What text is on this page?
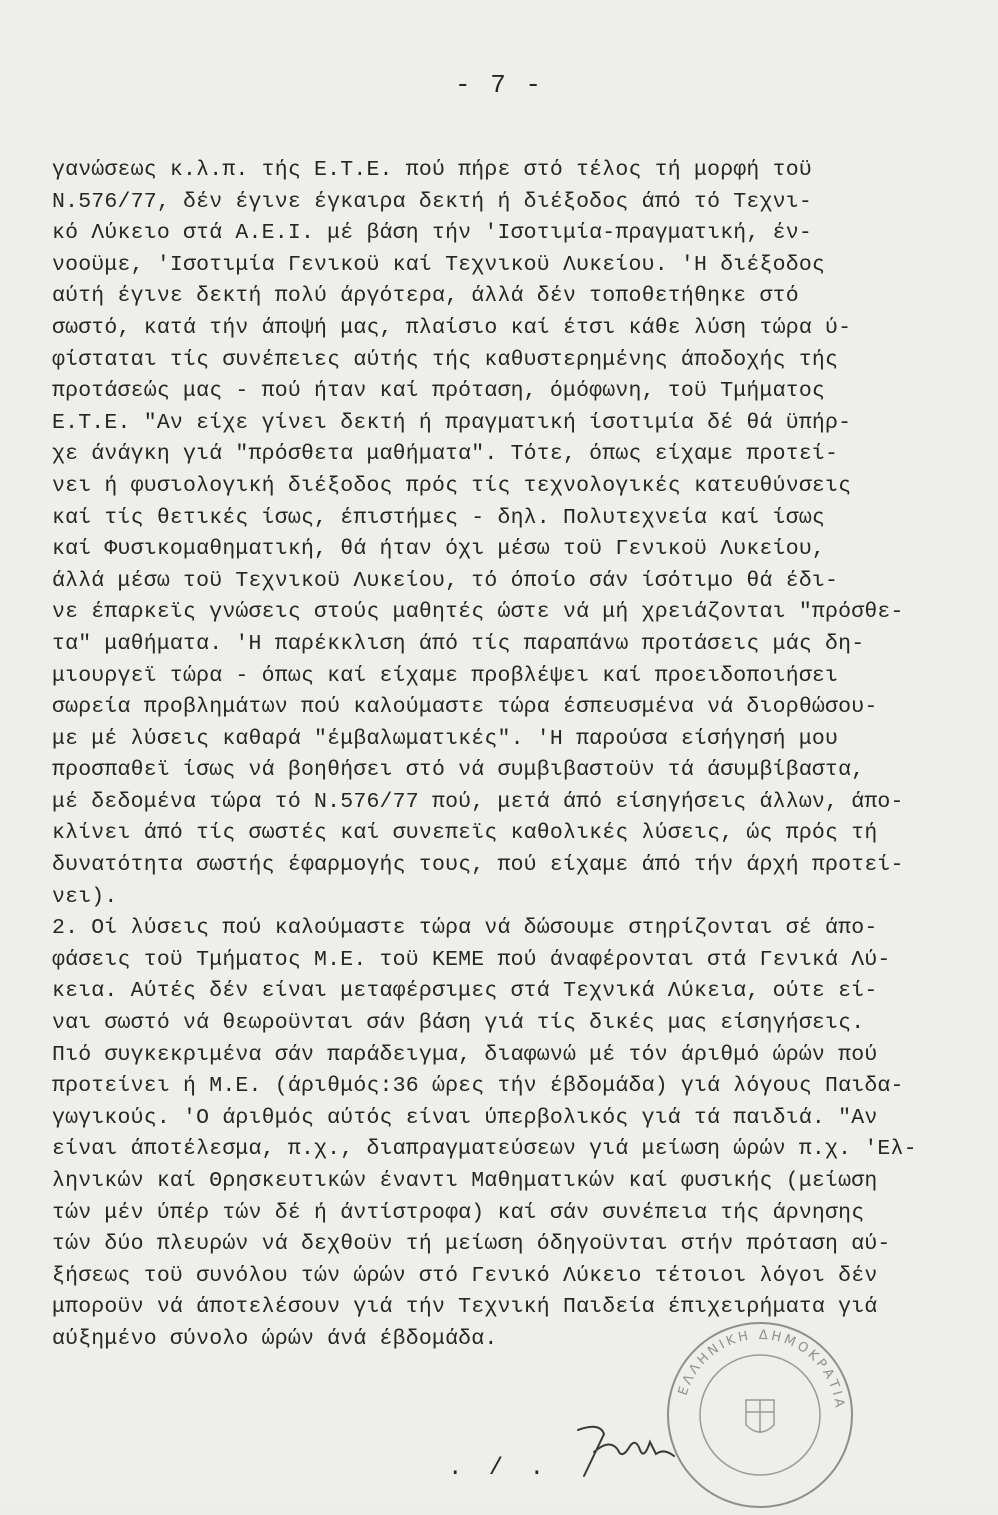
- 7 -
γανώσεως κ.λ.π. τής Ε.Τ.Ε. πού πήρε στό τέλος τή μορφή τοϋ
Ν.576/77, δέν έγινε έγκαιρα δεκτή ή διέξοδος άπό τό Τεχνι-
κό Λύκειο στά Α.Ε.Ι. μέ βάση τήν 'Ισοτιμία-πραγματική, έν-
νοοϋμε, 'Ισοτιμία Γενικοϋ καί Τεχνικοϋ Λυκείου. 'Η διέξοδος
αύτή έγινε δεκτή πολύ άργότερα, άλλά δέν τοποθετήθηκε στό
σωστό, κατά τήν άποψή μας, πλαίσιο καί έτσι κάθε λύση τώρα ύ-
φίσταται τίς συνέπειες αύτής τής καθυστερημένης άποδοχής τής
προτάσεώς μας - πού ήταν καί πρόταση, όμόφωνη, τοϋ Τμήματος
Ε.Τ.Ε. "Αν είχε γίνει δεκτή ή πραγματική ίσοτιμία δέ θά ϋπήρ-
χε άνάγκη γιά "πρόσθετα μαθήματα". Τότε, όπως είχαμε προτεί-
νει ή φυσιολογική διέξοδος πρός τίς τεχνολογικές κατευθύνσεις
καί τίς θετικές ίσως, έπιστήμες - δηλ. Πολυτεχνεία καί ίσως
καί Φυσικομαθηματική, θά ήταν όχι μέσω τοϋ Γενικοϋ Λυκείου,
άλλά μέσω τοϋ Τεχνικοϋ Λυκείου, τό όποίο σάν ίσότιμο θά έδι-
νε έπαρκεϊς γνώσεις στούς μαθητές ώστε νά μή χρειάζονται "πρόσθε-
τα" μαθήματα. 'Η παρέκκλιση άπό τίς παραπάνω προτάσεις μάς δη-
μιουργεϊ τώρα - όπως καί είχαμε προβλέψει καί προειδοποιήσει
σωρεία προβλημάτων πού καλούμαστε τώρα έσπευσμένα νά διορθώσου-
με μέ λύσεις καθαρά "έμβαλωματικές". 'Η παρούσα είσήγησή μου
προσπαθεϊ ίσως νά βοηθήσει στό νά συμβιβαστοϋν τά άσυμβίβαστα,
μέ δεδομένα τώρα τό Ν.576/77 πού, μετά άπό είσηγήσεις άλλων, άπο-
κλίνει άπό τίς σωστές καί συνεπεϊς καθολικές λύσεις, ώς πρός τή
δυνατότητα σωστής έφαρμογής τους, πού είχαμε άπό τήν άρχή προτεί-
νει).
2. Οί λύσεις πού καλούμαστε τώρα νά δώσουμε στηρίζονται σέ άπο-
φάσεις τοϋ Τμήματος Μ.Ε. τοϋ ΚΕΜΕ πού άναφέρονται στά Γενικά Λύ-
κεια. Αύτές δέν είναι μεταφέρσιμες στά Τεχνικά Λύκεια, ούτε εί-
ναι σωστό νά θεωροϋνται σάν βάση γιά τίς δικές μας είσηγήσεις.
Πιό συγκεκριμένα σάν παράδειγμα, διαφωνώ μέ τόν άριθμό ώρών πού
προτείνει ή Μ.Ε. (άριθμός:36 ώρες τήν έβδομάδα) γιά λόγους Παιδα-
γωγικούς. 'Ο άριθμός αύτός είναι ύπερβολικός γιά τά παιδιά. "Αν
είναι άποτέλεσμα, π.χ., διαπραγματεύσεων γιά μείωση ώρών π.χ. 'Ελ-
ληνικών καί Θρησκευτικών έναντι Μαθηματικών καί φυσικής (μείωση
τών μέν ύπέρ τών δέ ή άντίστροφα) καί σάν συνέπεια τής άρνησης
τών δύο πλευρών νά δεχθοϋν τή μείωση όδηγοϋνται στήν πρόταση αύ-
ξήσεως τοϋ συνόλου τών ώρών στό Γενικό Λύκειο τέτοιοι λόγοι δέν
μποροϋν νά άποτελέσουν γιά τήν Τεχνική Παιδεία έπιχειρήματα γιά
αύξημένο σύνολο ώρών άνά έβδομάδα.
ΕΛΛΗΝΙΚΗ ΔΗΜΟΚΡΑΤΙΑ
. / .
